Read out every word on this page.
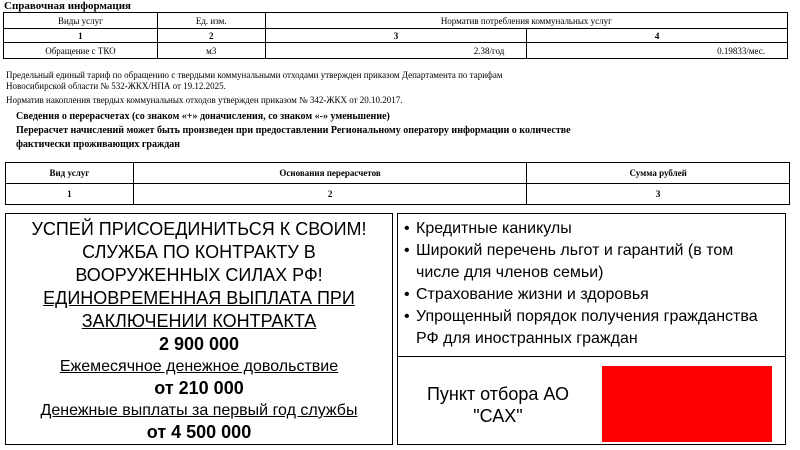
Справочная информация
Виды услуг	Ед. изм.	Норматив потребления коммунальных услуг	
1	2	3	4
Обращение с ТКО	м3	2.38/год	0.19833/мес.
Предельный единый тариф по обращению с твердыми коммунальными отходами утвержден приказом Департамента по тарифам
Новосибирской области № 532-ЖКХ/НПА от 19.12.2025.
Норматив накопления твердых коммунальных отходов утвержден приказом № 342-ЖКХ от 20.10.2017.
Сведения о перерасчетах (со знаком «+» доначисления, со знаком «-» уменьшение)
Перерасчет начислений может быть произведен при предоставлении Региональному оператору информации о количестве
фактически проживающих граждан
Вид услуг	Основания перерасчетов	Сумма рублей
1	2	3
УСПЕЙ ПРИСОЕДИНИТЬСЯ К СВОИМ!
СЛУЖБА ПО КОНТРАКТУ В
ВООРУЖЕННЫХ СИЛАХ РФ!
ЕДИНОВРЕМЕННАЯ ВЫПЛАТА ПРИ
ЗАКЛЮЧЕНИИ КОНТРАКТА
2 900 000
Ежемесячное денежное довольствие
от 210 000
Денежные выплаты за первый год службы
от 4 500 000
• Кредитные каникулы
• Широкий перечень льгот и гарантий (в том числе для членов семьи)
• Страхование жизни и здоровья
• Упрощенный порядок получения гражданства РФ для иностранных граждан
Пункт отбора АО
"САХ"
